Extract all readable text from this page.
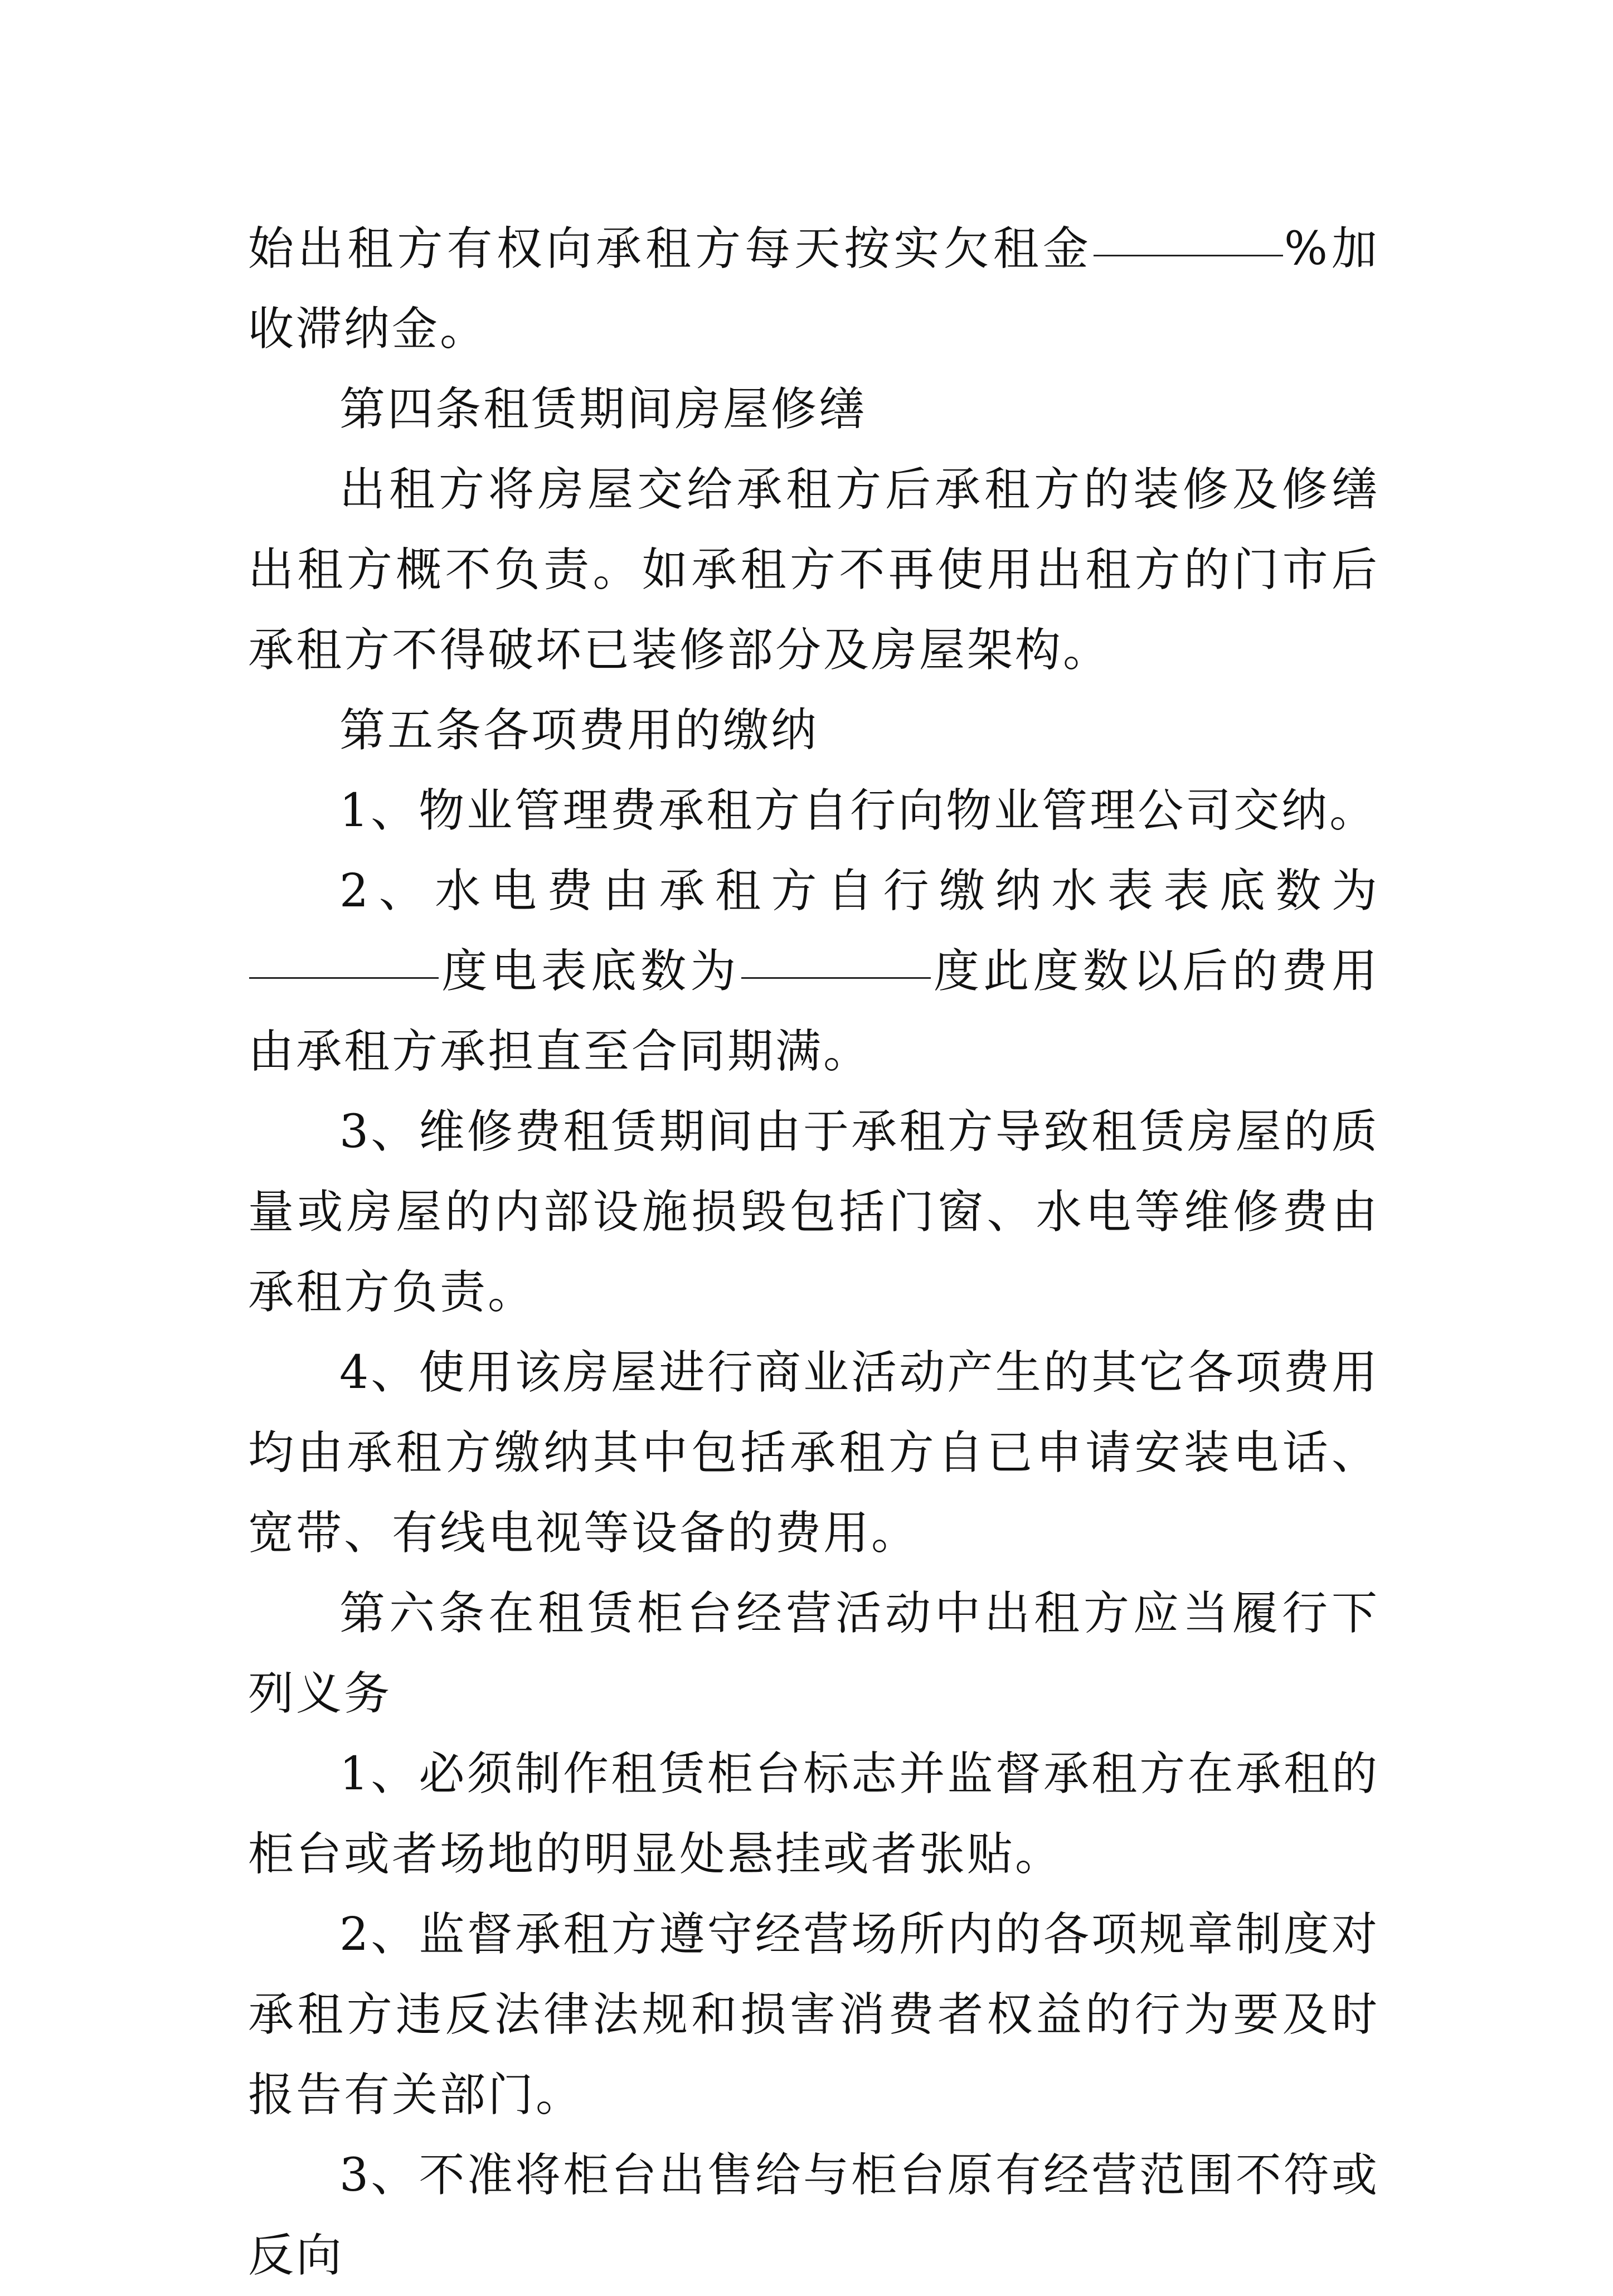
始出租方有权向承租方每天按实欠租金	%加收滞纳金。

第四条租赁期间房屋修缮

出租方将房屋交给承租方后承租方的装修及修缮出租方概不负责。如承租方不再使用出租方的门市后承租方不得破坏已装修部分及房屋架构。

第五条各项费用的缴纳

1、物业管理费承租方自行向物业管理公司交纳。

2、水电费由承租方自行缴纳水表表底数为度电表底数为	度此度数以后的费用由承租方承担直至合同期满。

3、维修费租赁期间由于承租方导致租赁房屋的质量或房屋的内部设施损毁包括门窗、水电等维修费由承租方负责。

4、使用该房屋进行商业活动产生的其它各项费用均由承租方缴纳其中包括承租方自已申请安装电话、宽带、有线电视等设备的费用。

第六条在租赁柜台经营活动中出租方应当履行下列义务

1、必须制作租赁柜台标志并监督承租方在承租的柜台或者场地的明显处悬挂或者张贴。

2、监督承租方遵守经营场所内的各项规章制度对承租方违反法律法规和损害消费者权益的行为要及时报告有关部门。

3、不准将柜台出售给与柜台原有经营范围不符或反向
